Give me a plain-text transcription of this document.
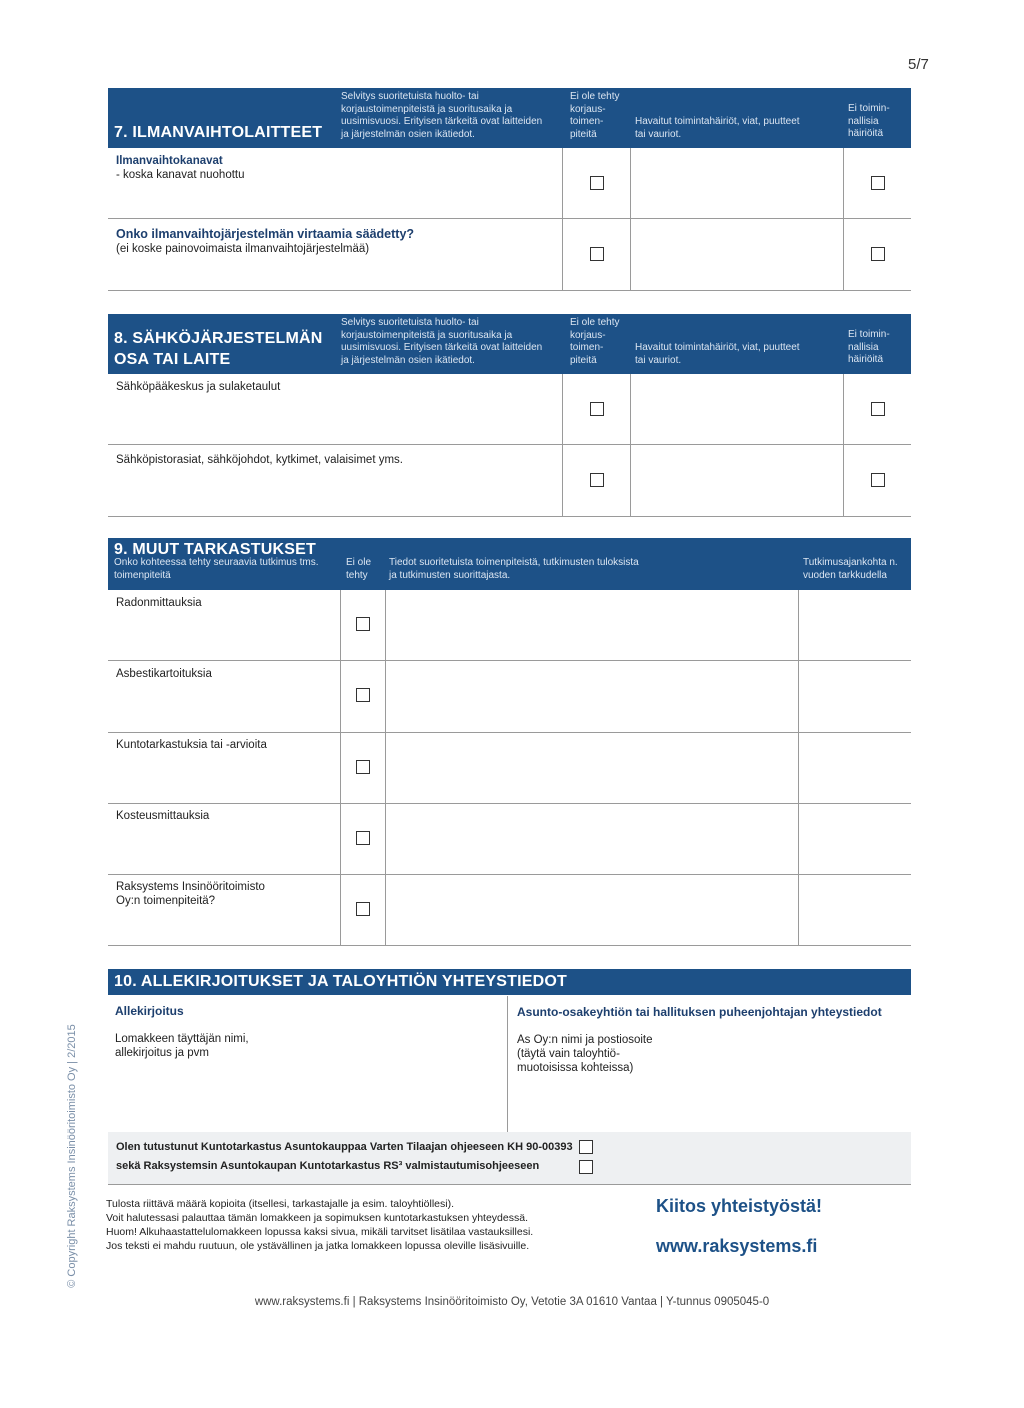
5/7
7. ILMANVAIHTOLAITTEET
Selvitys suoritetuista huolto- tai korjaustoimenpiteistä ja suoritusaika ja uusimisvuosi. Erityisen tärkeitä ovat laitteiden ja järjestelmän osien ikätiedot.
Ei ole tehty korjaus-toimen-piteitä
Havaitut toimintahäiriöt, viat, puutteet tai vauriot.
Ei toimin-nallisia häiriöitä
Ilmanvaihtokanavat
- koska kanavat nuohottu
Onko ilmanvaihtojärjestelmän virtaamia säädetty?
(ei koske painovoimaista ilmanvaihtojärjestelmää)
8. SÄHKÖJÄRJESTELMÄN
OSA TAI LAITE
Selvitys suoritetuista huolto- tai korjaustoimenpiteistä ja suoritusaika ja uusimisvuosi. Erityisen tärkeitä ovat laitteiden ja järjestelmän osien ikätiedot.
Ei ole tehty korjaus-toimen-piteitä
Havaitut toimintahäiriöt, viat, puutteet tai vauriot.
Ei toimin-nallisia häiriöitä
Sähköpääkeskus ja sulaketaulut
Sähköpistorasiat, sähköjohdot, kytkimet, valaisimet yms.
9. MUUT TARKASTUKSET
Onko kohteessa tehty seuraavia tutkimus tms. toimenpiteitä
Ei ole tehty
Tiedot suoritetuista toimenpiteistä, tutkimusten tuloksista ja tutkimusten suorittajasta.
Tutkimusajankohta n. vuoden tarkkudella
Radonmittauksia
Asbestikartoituksia
Kuntotarkastuksia tai -arvioita
Kosteusmittauksia
Raksystems Insinööritoimisto Oy:n toimenpiteitä?
10. ALLEKIRJOITUKSET JA TALOYHTIÖN YHTEYSTIEDOT
Allekirjoitus
Lomakkeen täyttäjän nimi, allekirjoitus ja pvm
Asunto-osakeyhtiön tai hallituksen puheenjohtajan yhteystiedot
As Oy:n nimi ja postiosoite (täytä vain taloyhtiö-muotoisissa kohteissa)
Olen tutustunut Kuntotarkastus Asuntokauppaa Varten Tilaajan ohjeeseen KH 90-00393
sekä Raksystemsin Asuntokaupan Kuntotarkastus RS³ valmistautumisohjeeseen
Tulosta riittävä määrä kopioita (itsellesi, tarkastajalle ja esim. taloyhtiöllesi).
Voit halutessasi palauttaa tämän lomakkeen ja sopimuksen kuntotarkastuksen yhteydessä.
Huom! Alkuhaastattelulomakkeen lopussa kaksi sivua, mikäli tarvitset lisätilaa vastauksillesi.
Jos teksti ei mahdu ruutuun, ole ystävällinen ja jatka lomakkeen lopussa oleville lisäsivuille.
Kiitos yhteistyöstä!
www.raksystems.fi
www.raksystems.fi | Raksystems Insinööritoimisto Oy, Vetotie 3A 01610 Vantaa | Y-tunnus 0905045-0
© Copyright Raksystems Insinööritoimisto Oy | 2/2015
